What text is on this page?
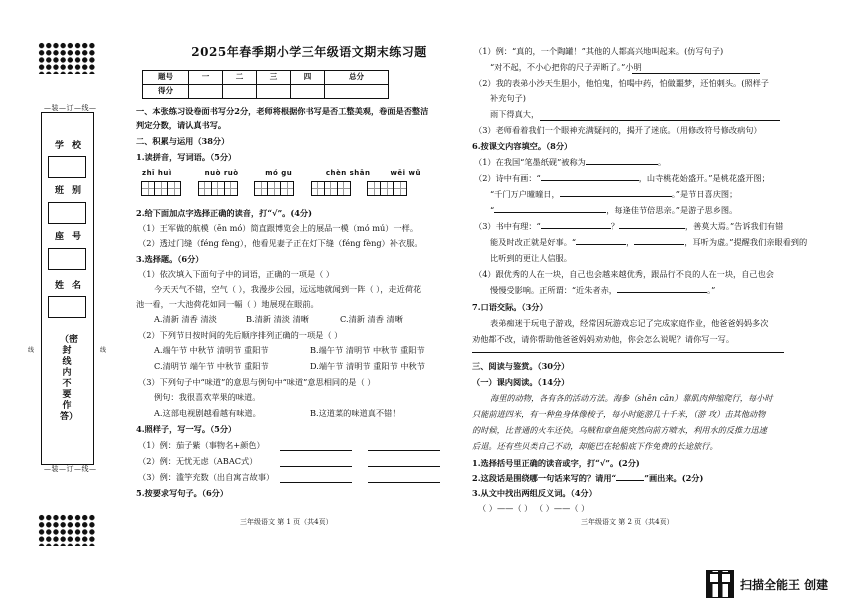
—装—订—线—
学校
班别
座号
姓名
（密封线内不要作答）
线	线
—装—订—线—
2025年春季期小学三年级语文期末练习题
题号	一	二	三	四	总分
得分					
一、本张练习设卷面书写分2分，老师将根据你书写是否工整美观，卷面是否整洁
判定分数，请认真书写。
二、积累与运用（38分）
1.读拼音，写词语。（5分）
zhī huì	nuò ruò	mó gu	chèn shān	wēi wǔ

2.给下面加点字选择正确的读音，打“√”。(4分)
（1）王军做的航模（ēn mó）简直跟博览会上的展品一模（mó mú）一样。
（2）透过门缝（féng fèng），他看见妻子正在灯下缝（féng fèng）补衣服。
3.选择题。（6分）
（1）依次填入下面句子中的词语，正确的一项是（ ）
今天天气不错，空气（ ），我漫步公园，远远地就闻到一阵（ ），走近荷花
池一看，一大池荷花如同一幅（ ）地展现在眼前。
A.清新 清香 清淡	B.清新 清淡 清晰	C.清新 清香 清晰
（2）下列节日按时间的先后顺序排列正确的一项是（ ）
A.端午节 中秋节 清明节 重阳节	B.端午节 清明节 中秋节 重阳节
C.清明节 端午节 中秋节 重阳节	D.端午节 清明节 重阳节 中秋节
（3）下列句子中“味道”的意思与例句中“味道”意思相同的是（ ）
例句：我很喜欢苹果的味道。
A.这部电视剧越看越有味道。	B.这道菜的味道真不错！
4.照样子，写一写。（5分）
（1）例：茄子紫（事物名+颜色）
（2）例：无忧无虑（ABAC式）
（3）例：滥竽充数（出自寓言故事）
5.按要求写句子。（6分）
三年级语文 第 1 页（共4页）
（1）例：“真的，一个陶罐！”其他的人都高兴地叫起来。(仿写句子)
“对不起，不小心把你的尺子弄断了。”小明
（2）我的表弟小沙天生胆小，他怕鬼，怕喝中药，怕做噩梦，还怕刺头。(照样子
补充句子)
雨下得真大，
（3）老师看着我们一个眼神充满疑问的，揭开了迷底。（用修改符号修改病句）
6.按课文内容填空。（8分）
（1）在我国“笔墨纸砚”被称为	。
（2）诗中有画：“	，山寺桃花始盛开。”是桃花盛开图；
“千门万户曈曈日，	。”是节日喜庆图；
“	，每逢佳节倍思亲。”是游子思乡图。
（3）书中有理：“	？	，善莫大焉。”告诉我们有错
能及时改正就是好事。“	，	，耳听为虚。”提醒我们亲眼看到的
比听到的更让人信服。
（4）跟优秀的人在一块，自己也会越来越优秀，跟品行不良的人在一块，自己也会
慢慢受影响。正所谓：“近朱者赤，	。”
7.口语交际。（3分）
表弟痴迷于玩电子游戏，经常因玩游戏忘记了完成家庭作业，他爸爸妈妈多次
劝他都不改，请你帮助他爸爸妈妈劝劝他，你会怎么说呢？请你写一写。
三、阅读与鉴赏。（30分）
（一）课内阅读。（14分）
海里的动物，各有各的活动方法。海参（shēn cān）靠肌肉伸缩爬行，每小时
只能前进四米，有一种鱼身体像梭子，每小时能游几十千米，（游 攻）击其他动物
的时候，比普通的火车还快。乌贼和章鱼能突然向前方喷水，利用水的反推力迅速
后退。还有些贝类自己不动，却能巴在轮船底下作免费的长途旅行。
1.选择括号里正确的读音或字，打“√”。(2分)
2.这段话是围绕哪一句话来写的？请用“	”画出来。(2分)
3.从文中找出两组反义词。（4分）
（ ）——（ ） （ ）——（ ）
三年级语文 第 2 页（共4页）
扫描全能王 创建
